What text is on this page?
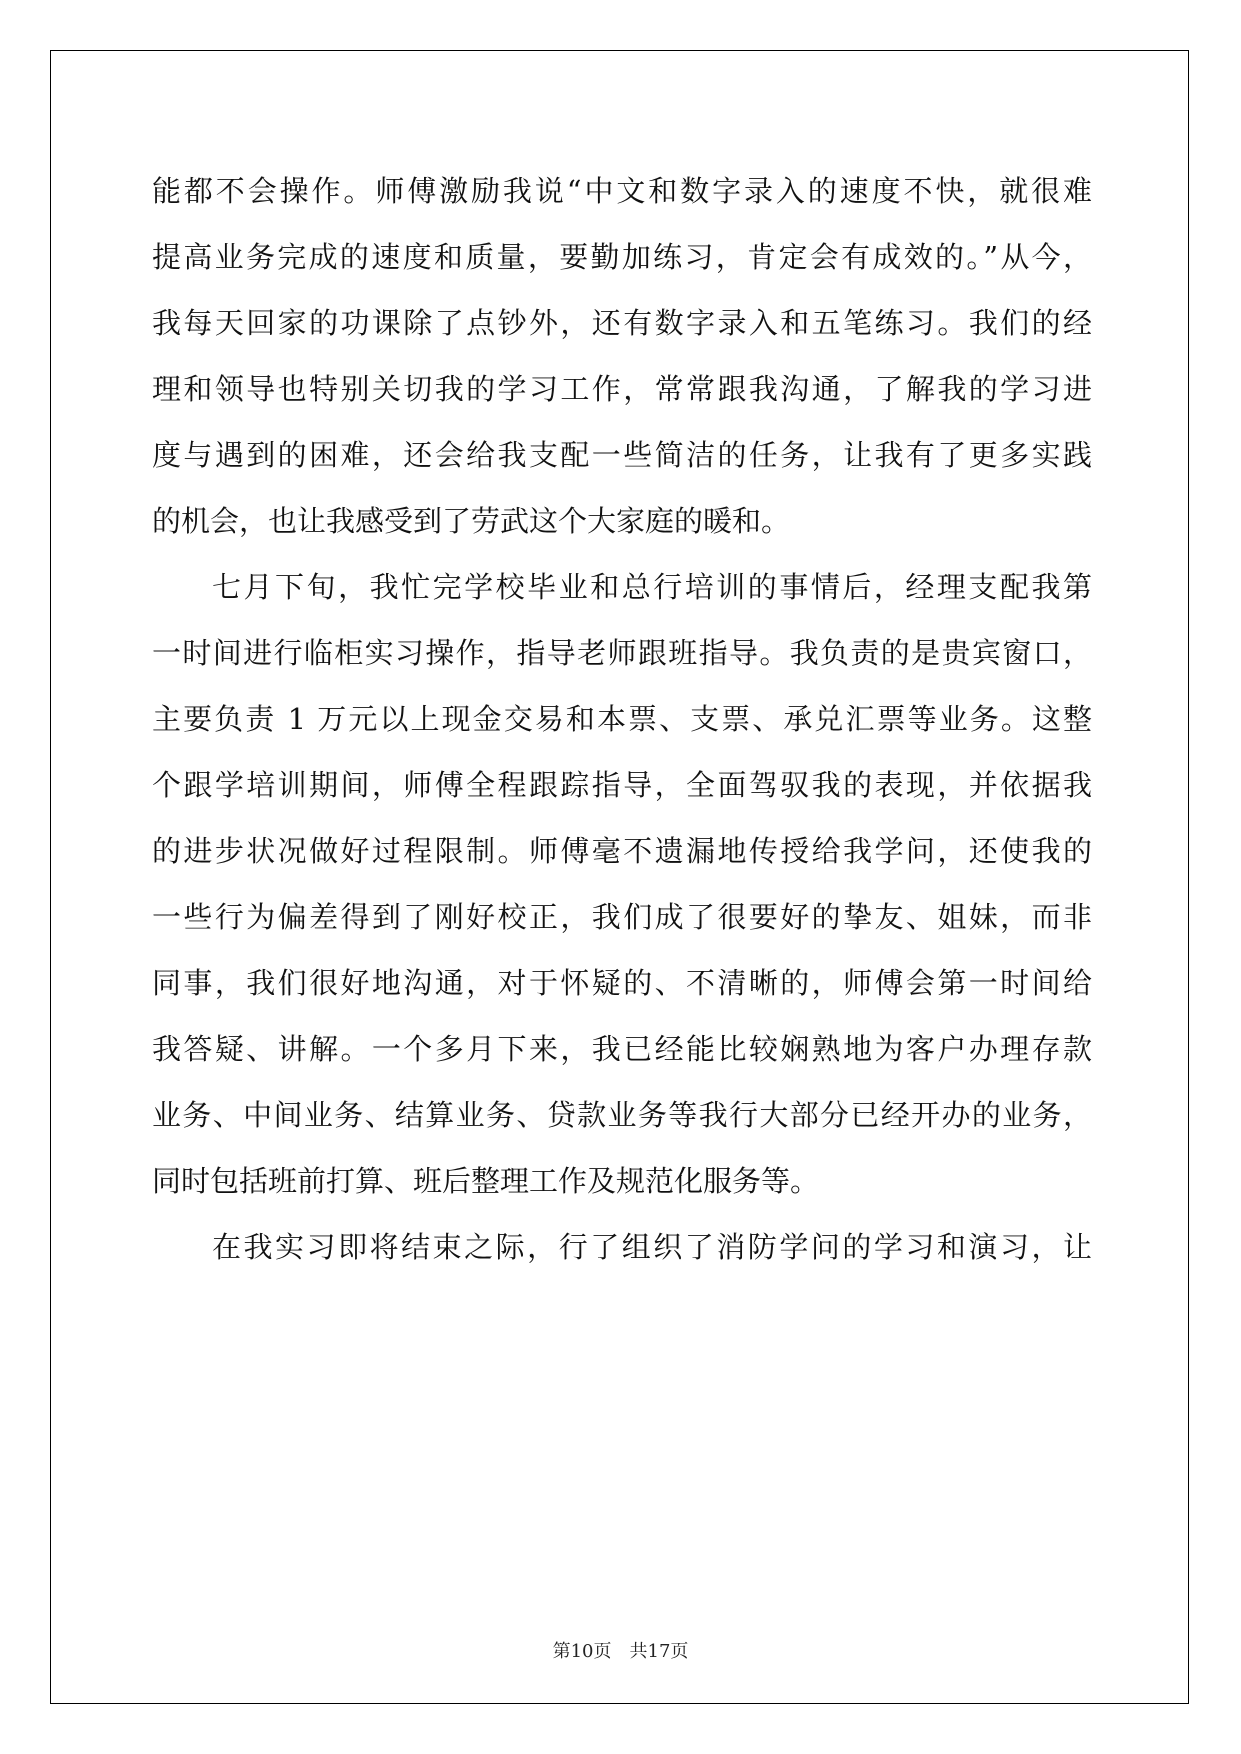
能都不会操作。师傅激励我说“中文和数字录入的速度不快，就很难
提高业务完成的速度和质量，要勤加练习，肯定会有成效的。”从今，
我每天回家的功课除了点钞外，还有数字录入和五笔练习。我们的经
理和领导也特别关切我的学习工作，常常跟我沟通，了解我的学习进
度与遇到的困难，还会给我支配一些简洁的任务，让我有了更多实践
的机会，也让我感受到了劳武这个大家庭的暖和。
七月下旬，我忙完学校毕业和总行培训的事情后，经理支配我第
一时间进行临柜实习操作，指导老师跟班指导。我负责的是贵宾窗口，
主要负责 1 万元以上现金交易和本票、支票、承兑汇票等业务。这整
个跟学培训期间，师傅全程跟踪指导，全面驾驭我的表现，并依据我
的进步状况做好过程限制。师傅毫不遗漏地传授给我学问，还使我的
一些行为偏差得到了刚好校正，我们成了很要好的挚友、姐妹，而非
同事，我们很好地沟通，对于怀疑的、不清晰的，师傅会第一时间给
我答疑、讲解。一个多月下来，我已经能比较娴熟地为客户办理存款
业务、中间业务、结算业务、贷款业务等我行大部分已经开办的业务，
同时包括班前打算、班后整理工作及规范化服务等。
在我实习即将结束之际，行了组织了消防学问的学习和演习，让
第10页　共17页
